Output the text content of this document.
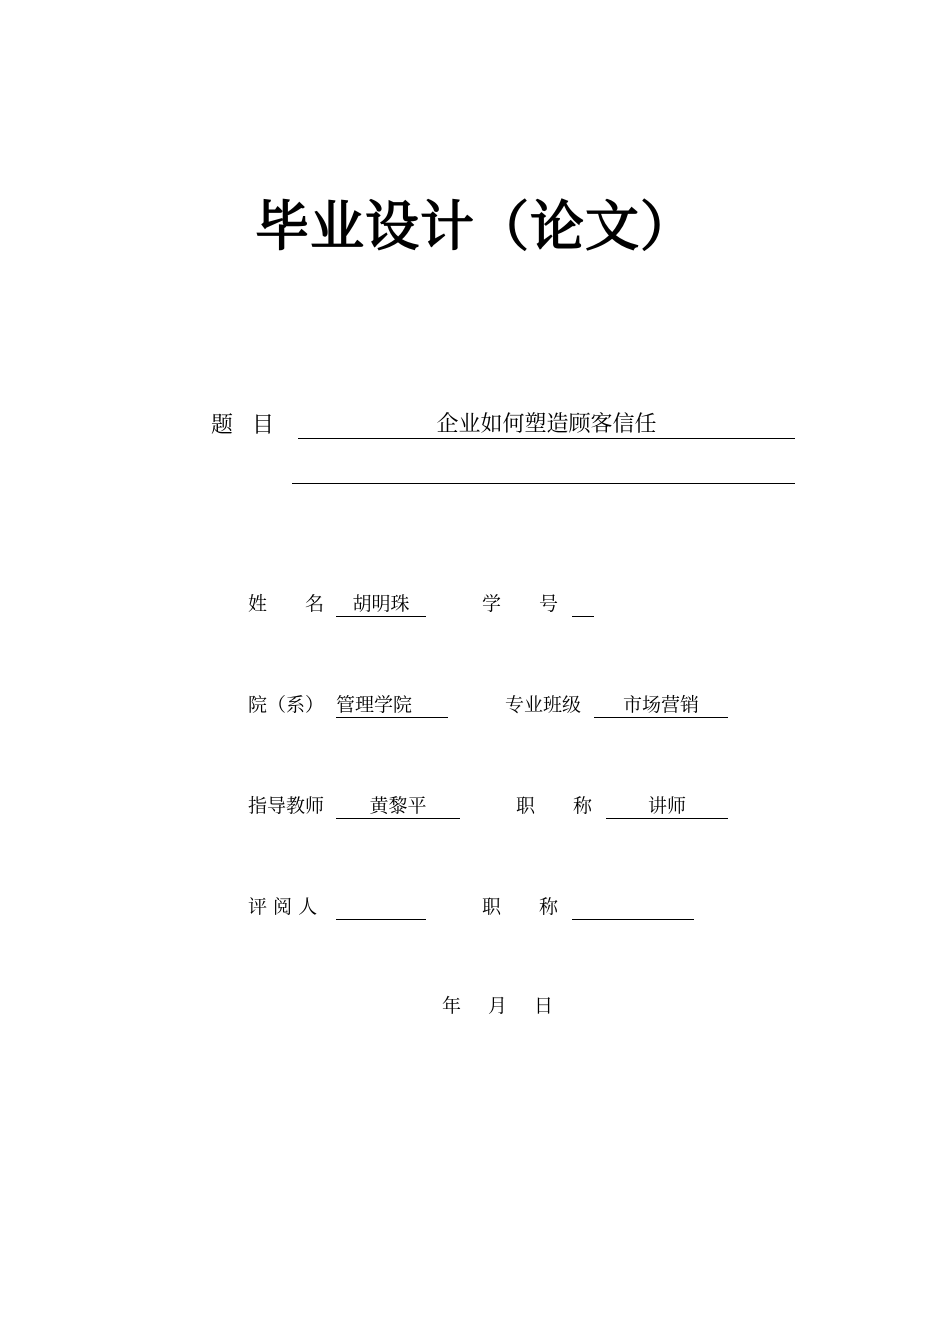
毕业设计（论文）
题 目	企业如何塑造顾客信任
姓　　名	胡明珠	学　　号
院（系） 管理学院	专业班级	市场营销
指导教师	黄黎平	职　　称	讲师
评 阅 人	职　　称
年 月 日
